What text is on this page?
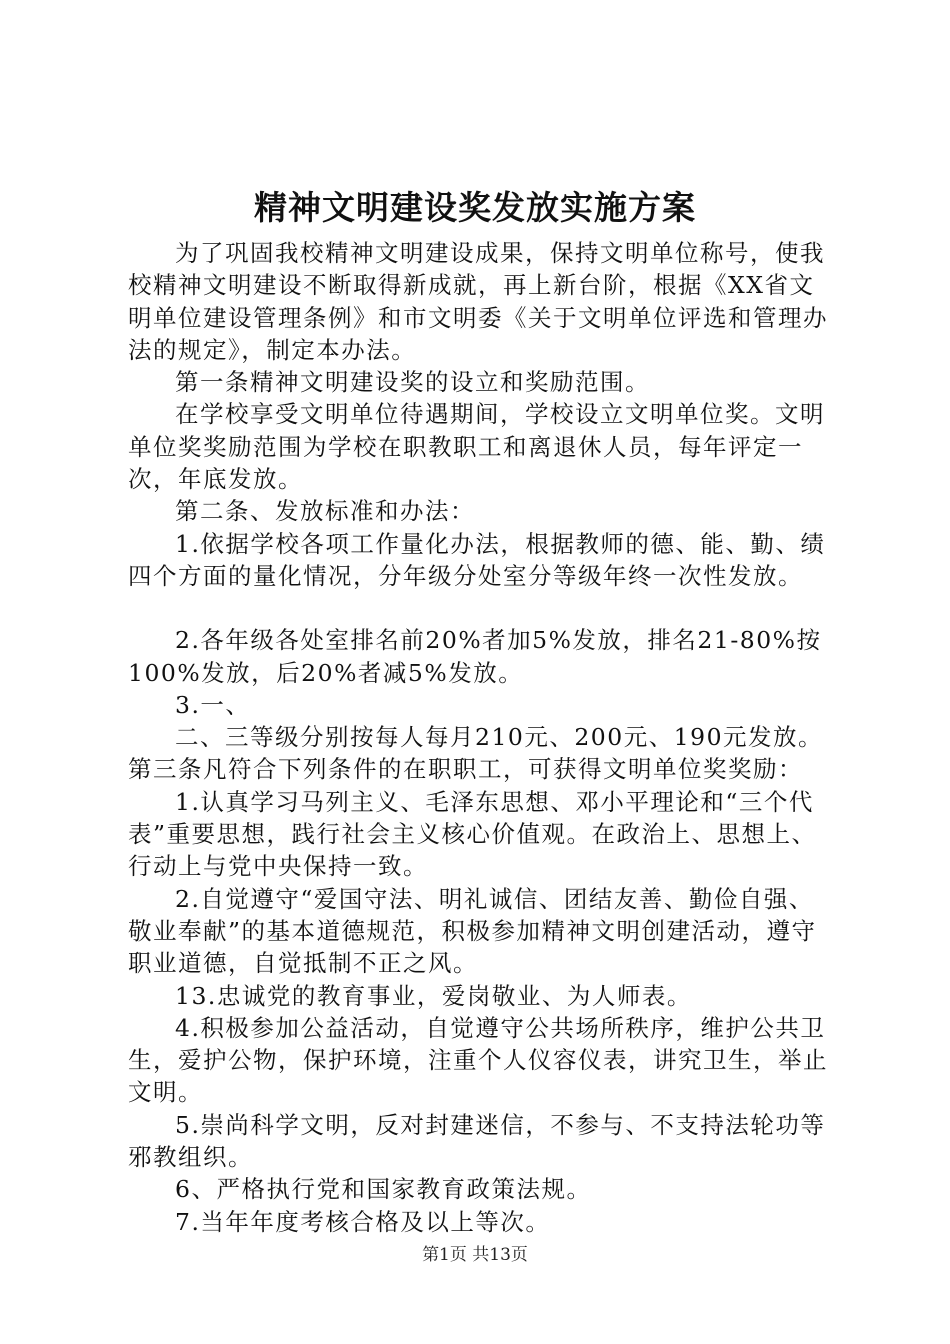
精神文明建设奖发放实施方案

为了巩固我校精神文明建设成果，保持文明单位称号，使我校精神文明建设不断取得新成就，再上新台阶，根据《XX省文明单位建设管理条例》和市文明委《关于文明单位评选和管理办法的规定》，制定本办法。

第一条精神文明建设奖的设立和奖励范围。

在学校享受文明单位待遇期间，学校设立文明单位奖。文明单位奖奖励范围为学校在职教职工和离退休人员，每年评定一次，年底发放。

第二条、发放标准和办法：

1.依据学校各项工作量化办法，根据教师的德、能、勤、绩四个方面的量化情况，分年级分处室分等级年终一次性发放。

2.各年级各处室排名前20%者加5%发放，排名21-80%按100%发放，后20%者减5%发放。

3.一、

二、三等级分别按每人每月210元、200元、190元发放。

第三条凡符合下列条件的在职职工，可获得文明单位奖奖励：

1.认真学习马列主义、毛泽东思想、邓小平理论和“三个代表”重要思想，践行社会主义核心价值观。在政治上、思想上、行动上与党中央保持一致。

2.自觉遵守“爱国守法、明礼诚信、团结友善、勤俭自强、敬业奉献”的基本道德规范，积极参加精神文明创建活动，遵守职业道德，自觉抵制不正之风。

13.忠诚党的教育事业，爱岗敬业、为人师表。

4.积极参加公益活动，自觉遵守公共场所秩序，维护公共卫生，爱护公物，保护环境，注重个人仪容仪表，讲究卫生，举止文明。

5.崇尚科学文明，反对封建迷信，不参与、不支持法轮功等邪教组织。

6、严格执行党和国家教育政策法规。

7.当年年度考核合格及以上等次。

第1页 共13页
